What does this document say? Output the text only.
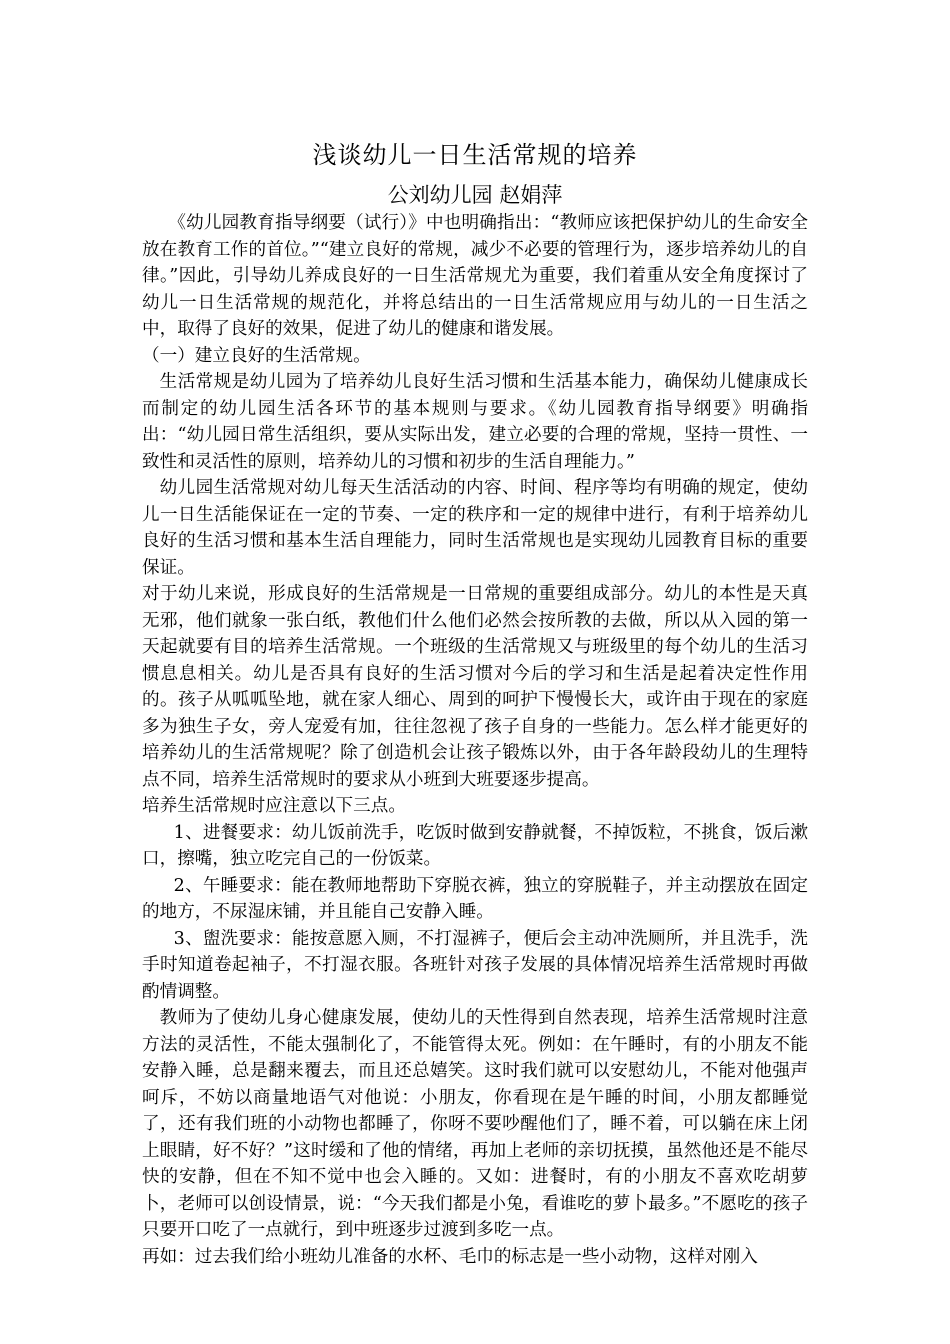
浅谈幼儿一日生活常规的培养
公刘幼儿园 赵娟萍

《幼儿园教育指导纲要（试行）》中也明确指出：“教师应该把保护幼儿的生命安全放在教育工作的首位。”“建立良好的常规，减少不必要的管理行为，逐步培养幼儿的自律。”因此，引导幼儿养成良好的一日生活常规尤为重要，我们着重从安全角度探讨了幼儿一日生活常规的规范化，并将总结出的一日生活常规应用与幼儿的一日生活之中，取得了良好的效果，促进了幼儿的健康和谐发展。

（一）建立良好的生活常规。

生活常规是幼儿园为了培养幼儿良好生活习惯和生活基本能力，确保幼儿健康成长而制定的幼儿园生活各环节的基本规则与要求。《幼儿园教育指导纲要》明确指出：“幼儿园日常生活组织，要从实际出发，建立必要的合理的常规，坚持一贯性、一致性和灵活性的原则，培养幼儿的习惯和初步的生活自理能力。”

幼儿园生活常规对幼儿每天生活活动的内容、时间、程序等均有明确的规定，使幼儿一日生活能保证在一定的节奏、一定的秩序和一定的规律中进行，有利于培养幼儿良好的生活习惯和基本生活自理能力，同时生活常规也是实现幼儿园教育目标的重要保证。

对于幼儿来说，形成良好的生活常规是一日常规的重要组成部分。幼儿的本性是天真无邪，他们就象一张白纸，教他们什么他们必然会按所教的去做，所以从入园的第一天起就要有目的培养生活常规。一个班级的生活常规又与班级里的每个幼儿的生活习惯息息相关。幼儿是否具有良好的生活习惯对今后的学习和生活是起着决定性作用的。孩子从呱呱坠地，就在家人细心、周到的呵护下慢慢长大，或许由于现在的家庭多为独生子女，旁人宠爱有加，往往忽视了孩子自身的一些能力。怎么样才能更好的培养幼儿的生活常规呢？除了创造机会让孩子锻炼以外，由于各年龄段幼儿的生理特点不同，培养生活常规时的要求从小班到大班要逐步提高。

培养生活常规时应注意以下三点。

1、进餐要求：幼儿饭前洗手，吃饭时做到安静就餐，不掉饭粒，不挑食，饭后漱口，擦嘴，独立吃完自己的一份饭菜。

2、午睡要求：能在教师地帮助下穿脱衣裤，独立的穿脱鞋子，并主动摆放在固定的地方，不尿湿床铺，并且能自己安静入睡。

3、盥洗要求：能按意愿入厕，不打湿裤子，便后会主动冲洗厕所，并且洗手，洗手时知道卷起袖子，不打湿衣服。各班针对孩子发展的具体情况培养生活常规时再做酌情调整。

教师为了使幼儿身心健康发展，使幼儿的天性得到自然表现，培养生活常规时注意方法的灵活性，不能太强制化了，不能管得太死。例如：在午睡时，有的小朋友不能安静入睡，总是翻来覆去，而且还总嬉笑。这时我们就可以安慰幼儿，不能对他强声呵斥，不妨以商量地语气对他说：小朋友，你看现在是午睡的时间，小朋友都睡觉了，还有我们班的小动物也都睡了，你呀不要吵醒他们了，睡不着，可以躺在床上闭上眼睛，好不好？”这时缓和了他的情绪，再加上老师的亲切抚摸，虽然他还是不能尽快的安静，但在不知不觉中也会入睡的。又如：进餐时，有的小朋友不喜欢吃胡萝卜，老师可以创设情景，说：“今天我们都是小兔，看谁吃的萝卜最多。”不愿吃的孩子只要开口吃了一点就行，到中班逐步过渡到多吃一点。

再如：过去我们给小班幼儿准备的水杯、毛巾的标志是一些小动物，这样对刚入
